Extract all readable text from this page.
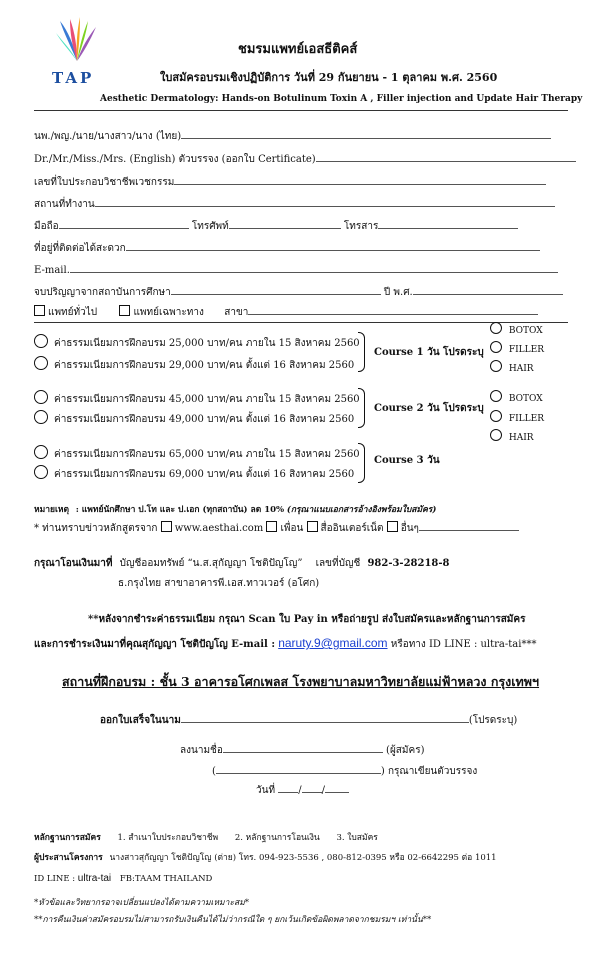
TAP
ชมรมแพทย์เอสธีติคส์
ใบสมัครอบรมเชิงปฏิบัติการ วันที่ 29 กันยายน - 1 ตุลาคม พ.ศ. 2560
Aesthetic Dermatology: Hands-on Botulinum Toxin A , Filler injection and Update Hair Therapy
นพ./พญ./นาย/นางสาว/นาง (ไทย)
Dr./Mr./Miss./Mrs. (English) ตัวบรรจง (ออกใบ Certificate)
เลขที่ใบประกอบวิชาชีพเวชกรรม
สถานที่ทำงาน
มือถือ	โทรศัพท์	โทรสาร
ที่อยู่ที่ติดต่อได้สะดวก
E-mail.
จบปริญญาจากสถาบันการศึกษา	ปี พ.ศ.
แพทย์ทั่วไป	แพทย์เฉพาะทาง สาขา
ค่าธรรมเนียมการฝึกอบรม 25,000 บาท/คน ภายใน 15 สิงหาคม 2560
ค่าธรรมเนียมการฝึกอบรม 29,000 บาท/คน ตั้งแต่ 16 สิงหาคม 2560
Course 1 วัน โปรดระบุ
BOTOX
FILLER
HAIR
ค่าธรรมเนียมการฝึกอบรม 45,000 บาท/คน ภายใน 15 สิงหาคม 2560
ค่าธรรมเนียมการฝึกอบรม 49,000 บาท/คน ตั้งแต่ 16 สิงหาคม 2560
Course 2 วัน โปรดระบุ
BOTOX
FILLER
HAIR
ค่าธรรมเนียมการฝึกอบรม 65,000 บาท/คน ภายใน 15 สิงหาคม 2560
ค่าธรรมเนียมการฝึกอบรม 69,000 บาท/คน ตั้งแต่ 16 สิงหาคม 2560
Course 3 วัน
หมายเหตุ : แพทย์นักศึกษา ป.โท และ ป.เอก (ทุกสถาบัน) ลด 10% (กรุณาแนบเอกสารอ้างอิงพร้อมใบสมัคร)
* ท่านทราบข่าวหลักสูตรจาก www.aesthai.com เพื่อน สื่ออินเตอร์เน็ต อื่นๆ
กรุณาโอนเงินมาที่ บัญชีออมทรัพย์ “น.ส.สุกัญญา โชติปัญโญ” เลขที่บัญชี 982-3-28218-8
ธ.กรุงไทย สาขาอาคารพี.เอส.ทาวเวอร์ (อโศก)
**หลังจากชำระค่าธรรมเนียม กรุณา Scan ใบ Pay in หรือถ่ายรูป ส่งใบสมัครและหลักฐานการสมัคร
และการชำระเงินมาที่คุณสุกัญญา โชติปัญโญ E-mail : naruty.9@gmail.com หรือทาง ID LINE : ultra-tai***
สถานที่ฝึกอบรม : ชั้น 3 อาคารอโศกเพลส โรงพยาบาลมหาวิทยาลัยแม่ฟ้าหลวง กรุงเทพฯ
ออกใบเสร็จในนาม	(โปรดระบุ)
ลงนามชื่อ	(ผู้สมัคร)
(	) กรุณาเขียนตัวบรรจง
วันที่ / /
หลักฐานการสมัคร 1. สำเนาใบประกอบวิชาชีพ 2. หลักฐานการโอนเงิน 3. ใบสมัคร
ผู้ประสานโครงการ นางสาวสุกัญญา โชติปัญโญ (ต่าย) โทร. 094-923-5536 , 080-812-0395 หรือ 02-6642295 ต่อ 1011
ID LINE : ultra-tai FB:TAAM THAILAND
*หัวข้อและวิทยากรอาจเปลี่ยนแปลงได้ตามความเหมาะสม*
**การคืนเงินค่าสมัครอบรมไม่สามารถรับเงินคืนได้ไม่ว่ากรณีใด ๆ ยกเว้นเกิดข้อผิดพลาดจากชมรมฯ เท่านั้น**
